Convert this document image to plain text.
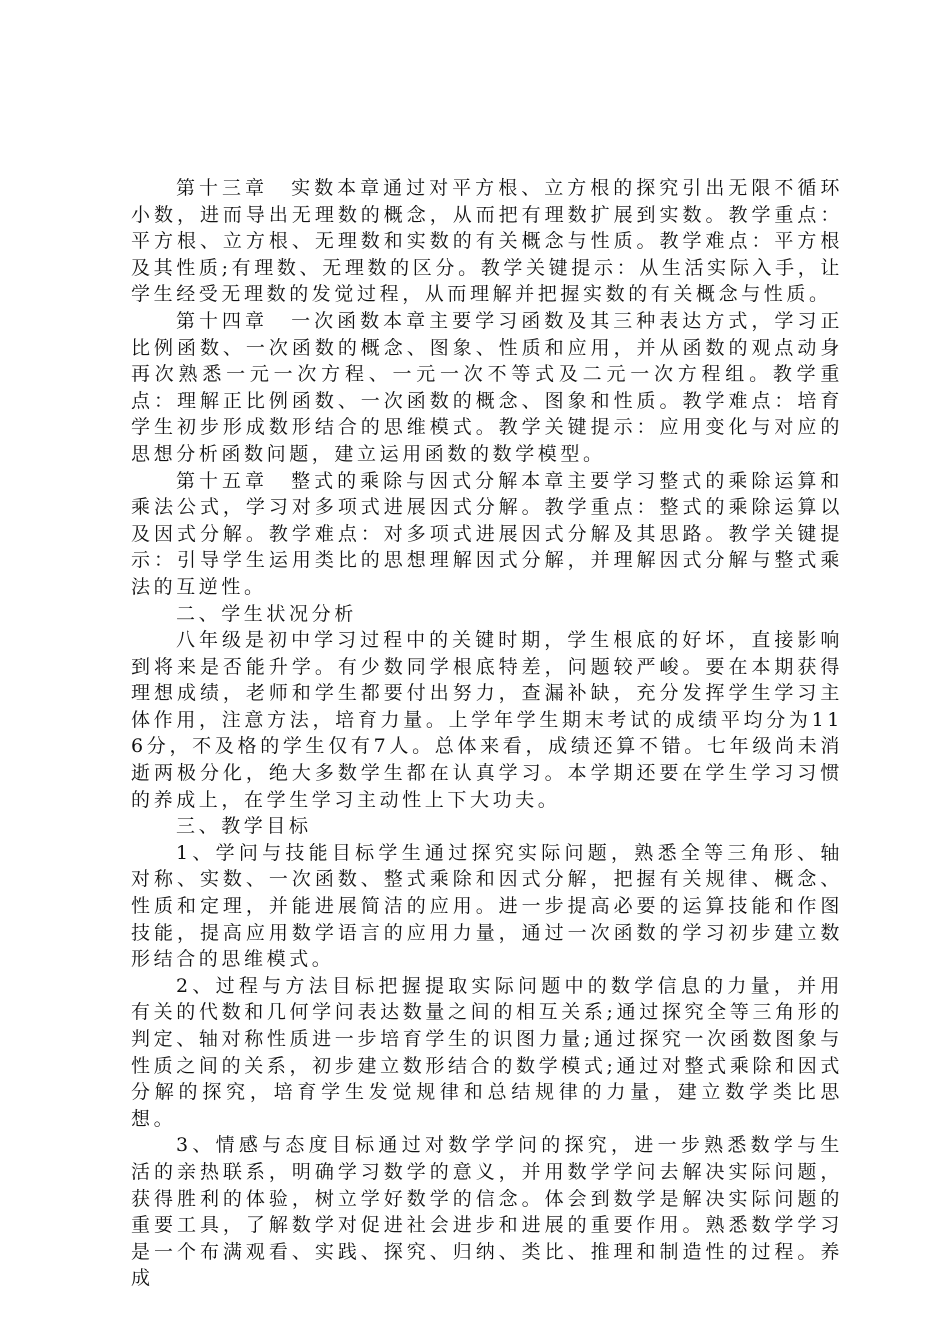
第十三章　实数本章通过对平方根、立方根的探究引出无限不循环小数，进而导出无理数的概念，从而把有理数扩展到实数。教学重点：平方根、立方根、无理数和实数的有关概念与性质。教学难点：平方根及其性质;有理数、无理数的区分。教学关键提示：从生活实际入手，让学生经受无理数的发觉过程，从而理解并把握实数的有关概念与性质。

第十四章　一次函数本章主要学习函数及其三种表达方式，学习正比例函数、一次函数的概念、图象、性质和应用，并从函数的观点动身再次熟悉一元一次方程、一元一次不等式及二元一次方程组。教学重点：理解正比例函数、一次函数的概念、图象和性质。教学难点：培育学生初步形成数形结合的思维模式。教学关键提示：应用变化与对应的思想分析函数问题，建立运用函数的数学模型。

第十五章　整式的乘除与因式分解本章主要学习整式的乘除运算和乘法公式，学习对多项式进展因式分解。教学重点：整式的乘除运算以及因式分解。教学难点：对多项式进展因式分解及其思路。教学关键提示：引导学生运用类比的思想理解因式分解，并理解因式分解与整式乘法的互逆性。

二、学生状况分析

八年级是初中学习过程中的关键时期，学生根底的好坏，直接影响到将来是否能升学。有少数同学根底特差，问题较严峻。要在本期获得理想成绩，老师和学生都要付出努力，查漏补缺，充分发挥学生学习主体作用，注意方法，培育力量。上学年学生期末考试的成绩平均分为116分，不及格的学生仅有7人。总体来看，成绩还算不错。七年级尚未消逝两极分化，绝大多数学生都在认真学习。本学期还要在学生学习习惯的养成上，在学生学习主动性上下大功夫。

三、教学目标

1、学问与技能目标学生通过探究实际问题，熟悉全等三角形、轴对称、实数、一次函数、整式乘除和因式分解，把握有关规律、概念、性质和定理，并能进展简洁的应用。进一步提高必要的运算技能和作图技能，提高应用数学语言的应用力量，通过一次函数的学习初步建立数形结合的思维模式。

2、过程与方法目标把握提取实际问题中的数学信息的力量，并用有关的代数和几何学问表达数量之间的相互关系;通过探究全等三角形的判定、轴对称性质进一步培育学生的识图力量;通过探究一次函数图象与性质之间的关系，初步建立数形结合的数学模式;通过对整式乘除和因式分解的探究，培育学生发觉规律和总结规律的力量，建立数学类比思想。

3、情感与态度目标通过对数学学问的探究，进一步熟悉数学与生活的亲热联系，明确学习数学的意义，并用数学学问去解决实际问题，获得胜利的体验，树立学好数学的信念。体会到数学是解决实际问题的重要工具，了解数学对促进社会进步和进展的重要作用。熟悉数学学习是一个布满观看、实践、探究、归纳、类比、推理和制造性的过程。养成
